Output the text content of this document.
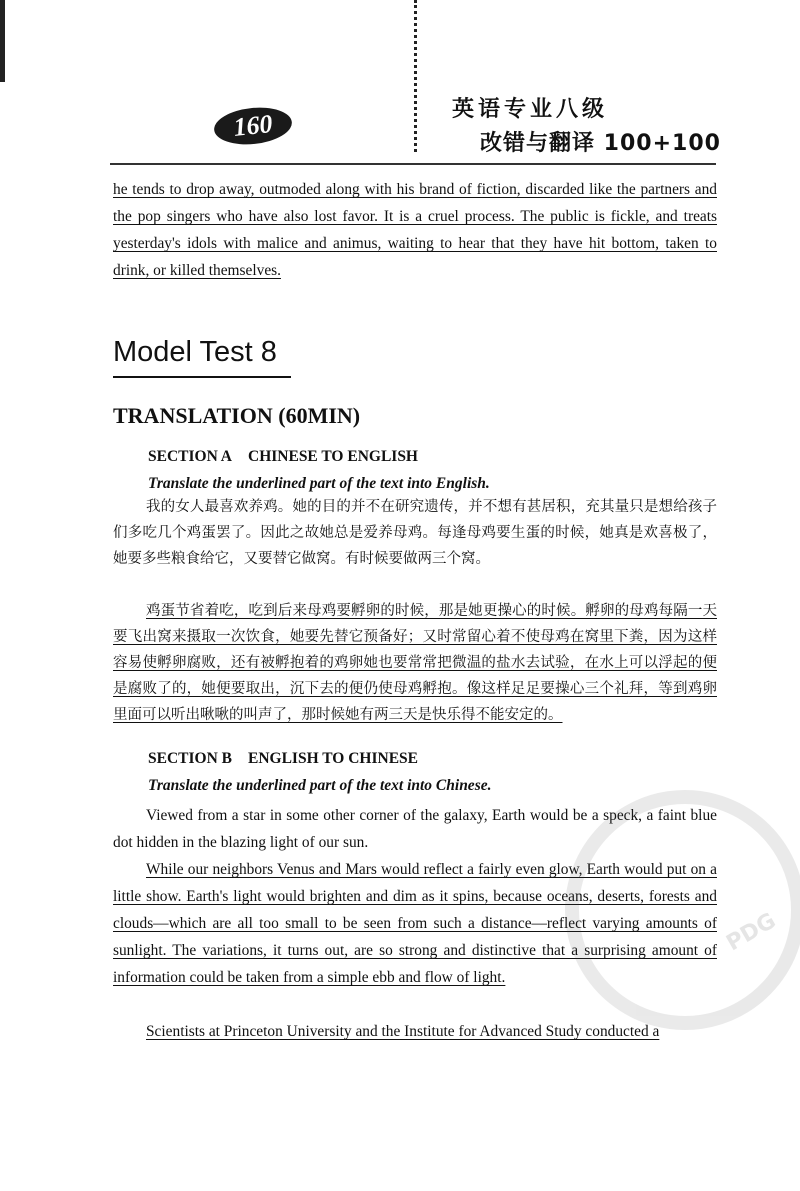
160	英语专业八级
改错与翻译 100+100
he tends to drop away, outmoded along with his brand of fiction, discarded like the partners and the pop singers who have also lost favor. It is a cruel process. The public is fickle, and treats yesterday's idols with malice and animus, waiting to hear that they have hit bottom, taken to drink, or killed themselves.
Model Test 8
TRANSLATION (60MIN)
SECTION A CHINESE TO ENGLISH
Translate the underlined part of the text into English.
我的女人最喜欢养鸡。她的目的并不在研究遗传，并不想有甚居积，充其量只是想给孩子们多吃几个鸡蛋罢了。因此之故她总是爱养母鸡。每逢母鸡要生蛋的时候，她真是欢喜极了，她要多些粮食给它，又要替它做窝。有时候要做两三个窝。
鸡蛋节省着吃，吃到后来母鸡要孵卵的时候，那是她更操心的时候。孵卵的母鸡每隔一天要飞出窝来摄取一次饮食，她要先替它预备好；又时常留心着不使母鸡在窝里下粪，因为这样容易使孵卵腐败，还有被孵抱着的鸡卵她也要常常把微温的盐水去试验，在水上可以浮起的便是腐败了的，她便要取出，沉下去的便仍使母鸡孵抱。像这样足足要操心三个礼拜，等到鸡卵里面可以听出啾啾的叫声了，那时候她有两三天是快乐得不能安定的。
SECTION B ENGLISH TO CHINESE
Translate the underlined part of the text into Chinese.
Viewed from a star in some other corner of the galaxy, Earth would be a speck, a faint blue dot hidden in the blazing light of our sun.
While our neighbors Venus and Mars would reflect a fairly even glow, Earth would put on a little show. Earth's light would brighten and dim as it spins, because oceans, deserts, forests and clouds—which are all too small to be seen from such a distance—reflect varying amounts of sunlight. The variations, it turns out, are so strong and distinctive that a surprising amount of information could be taken from a simple ebb and flow of light.
Scientists at Princeton University and the Institute for Advanced Study conducted a
PDG
